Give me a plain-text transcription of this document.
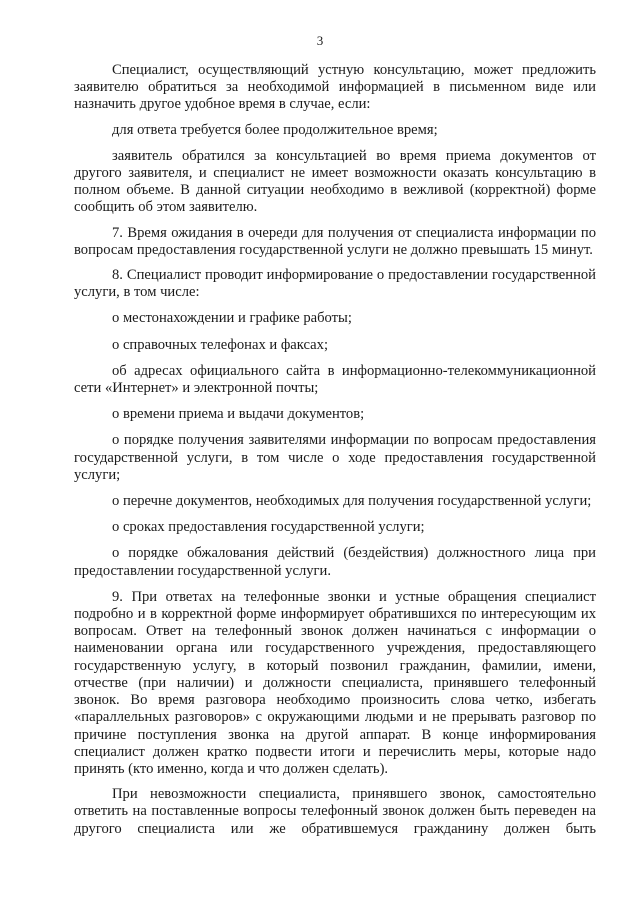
3

Специалист, осуществляющий устную консультацию, может предложить заявителю обратиться за необходимой информацией в письменном виде или назначить другое удобное время в случае, если:

для ответа требуется более продолжительное время;

заявитель обратился за консультацией во время приема документов от другого заявителя, и специалист не имеет возможности оказать консультацию в полном объеме. В данной ситуации необходимо в вежливой (корректной) форме сообщить об этом заявителю.

7. Время ожидания в очереди для получения от специалиста информации по вопросам предоставления государственной услуги не должно превышать 15 минут.

8. Специалист проводит информирование о предоставлении государственной услуги, в том числе:

о местонахождении и графике работы;

о справочных телефонах и факсах;

об адресах официального сайта в информационно-телекоммуникационной сети «Интернет» и электронной почты;

о времени приема и выдачи документов;

о порядке получения заявителями информации по вопросам предоставления государственной услуги, в том числе о ходе предоставления государственной услуги;

о перечне документов, необходимых для получения государственной услуги;

о сроках предоставления государственной услуги;

о порядке обжалования действий (бездействия) должностного лица при предоставлении государственной услуги.

9. При ответах на телефонные звонки и устные обращения специалист подробно и в корректной форме информирует обратившихся по интересующим их вопросам. Ответ на телефонный звонок должен начинаться с информации о наименовании органа или государственного учреждения, предоставляющего государственную услугу, в который позвонил гражданин, фамилии, имени, отчестве (при наличии) и должности специалиста, принявшего телефонный звонок. Во время разговора необходимо произносить слова четко, избегать «параллельных разговоров» с окружающими людьми и не прерывать разговор по причине поступления звонка на другой аппарат. В конце информирования специалист должен кратко подвести итоги и перечислить меры, которые надо принять (кто именно, когда и что должен сделать).

При невозможности специалиста, принявшего звонок, самостоятельно ответить на поставленные вопросы телефонный звонок должен быть переведен на другого специалиста или же обратившемуся гражданину должен быть
